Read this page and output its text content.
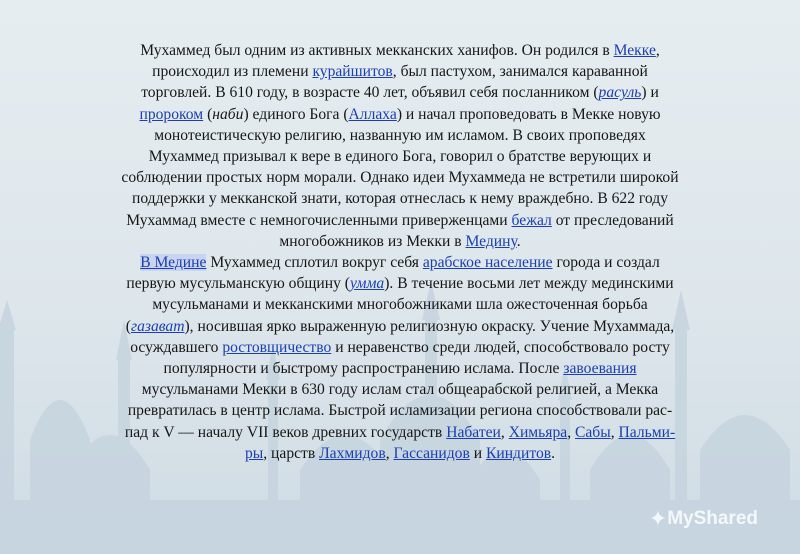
Мухаммед был одним из активных мекканских ханифов. Он родился в Мекке,
происходил из племени курайшитов, был пастухом, занимался караванной
торговлей. В 610 году, в возрасте 40 лет, объявил себя посланником (расуль) и
пророком (наби) единого Бога (Аллаха) и начал проповедовать в Мекке новую
монотеистическую религию, названную им исламом. В своих проповедях
Мухаммед призывал к вере в единого Бога, говорил о братстве верующих и
соблюдении простых норм морали. Однако идеи Мухаммеда не встретили широкой
поддержки у мекканской знати, которая отнеслась к нему враждебно. В 622 году
Мухаммад вместе с немногочисленными приверженцами бежал от преследований
многобожников из Мекки в Медину.
В Медине Мухаммед сплотил вокруг себя арабское население города и создал
первую мусульманскую общину (умма). В течение восьми лет между мединскими
мусульманами и мекканскими многобожниками шла ожесточенная борьба
(газават), носившая ярко выраженную религиозную окраску. Учение Мухаммада,
осуждавшего ростовщичество и неравенство среди людей, способствовало росту
популярности и быстрому распространению ислама. После завоевания
мусульманами Мекки в 630 году ислам стал общеарабской религией, а Мекка
превратилась в центр ислама. Быстрой исламизации региона способствовали рас-
пад к V — началу VII веков древних государств Набатеи, Химьяра, Сабы, Пальми-
ры, царств Лахмидов, Гассанидов и Киндитов.
✦MyShared
